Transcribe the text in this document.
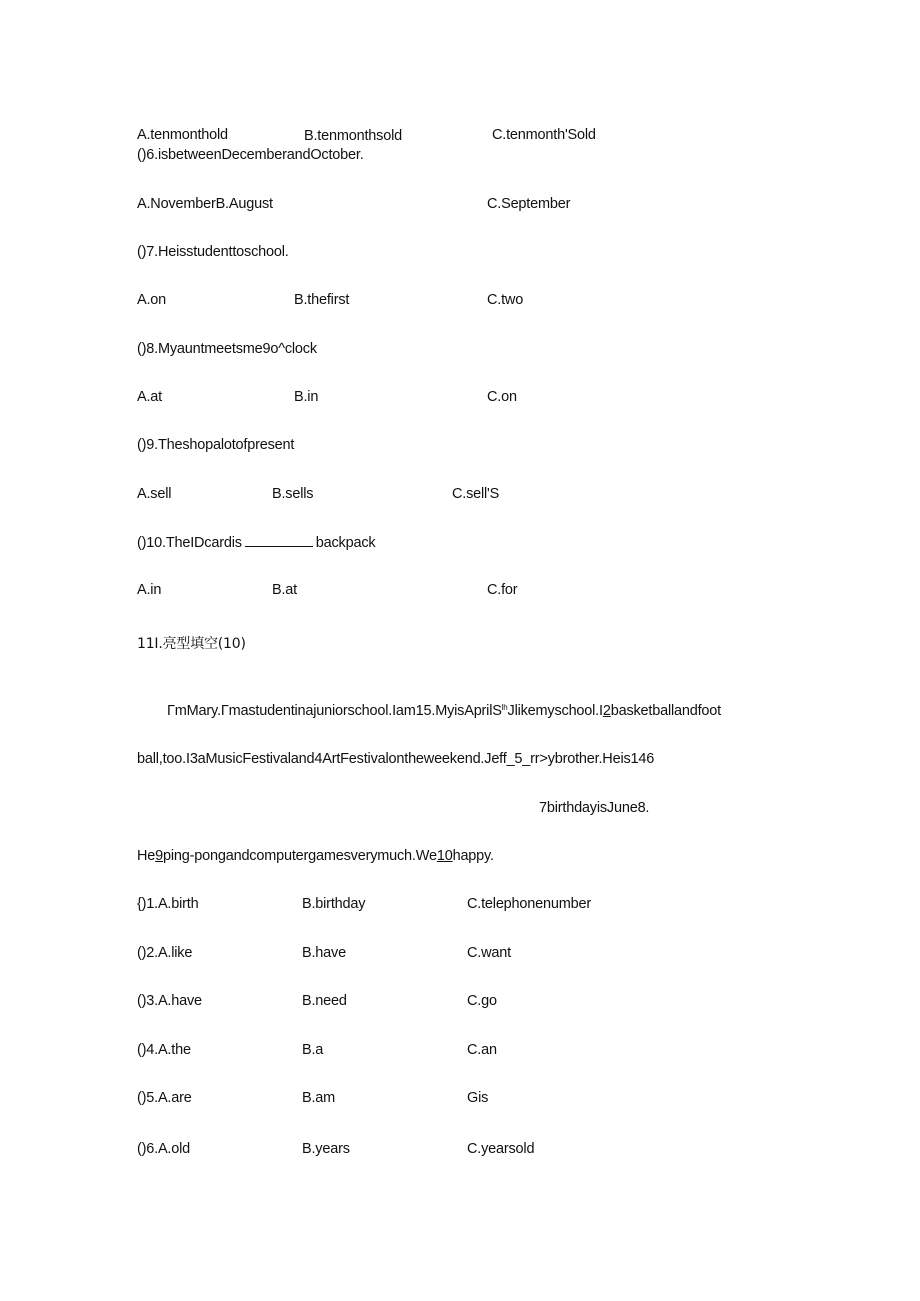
A.tenmonthold	B.tenmonthsold	C.tenmonth'Sold
()6.isbetweenDecemberandOctober.
A.NovemberB.August	C.September
()7.Heisstudenttoschool.
A.on	B.thefirst	C.two
()8.Myauntmeetsme9o^clock
A.at	B.in	C.on
()9.Theshopalotofpresent
A.sell	B.sells	C.sell'S
()10.TheIDcardis	backpack
A.in	B.at	C.for
11I.亮型填空(10)
ΓmMary.Γmastudentinajuniorschool.Iam15.MyisAprilS$^{lh}$Jlikemyschool.I2basketballandfoot
ball,too.I3aMusicFestivaland4ArtFestivalontheweekend.Jeff_5_rr>ybrother.Heis146
7birthdayisJune8.
He9ping-pongandcomputergamesverymuch.We10happy.
{)1.A.birth	B.birthday	C.telephonenumber
()2.A.like	B.have	C.want
()3.A.have	B.need	C.go
()4.A.the	B.a	C.an
()5.A.are	B.am	Gis
()6.A.old	B.years	C.yearsold
